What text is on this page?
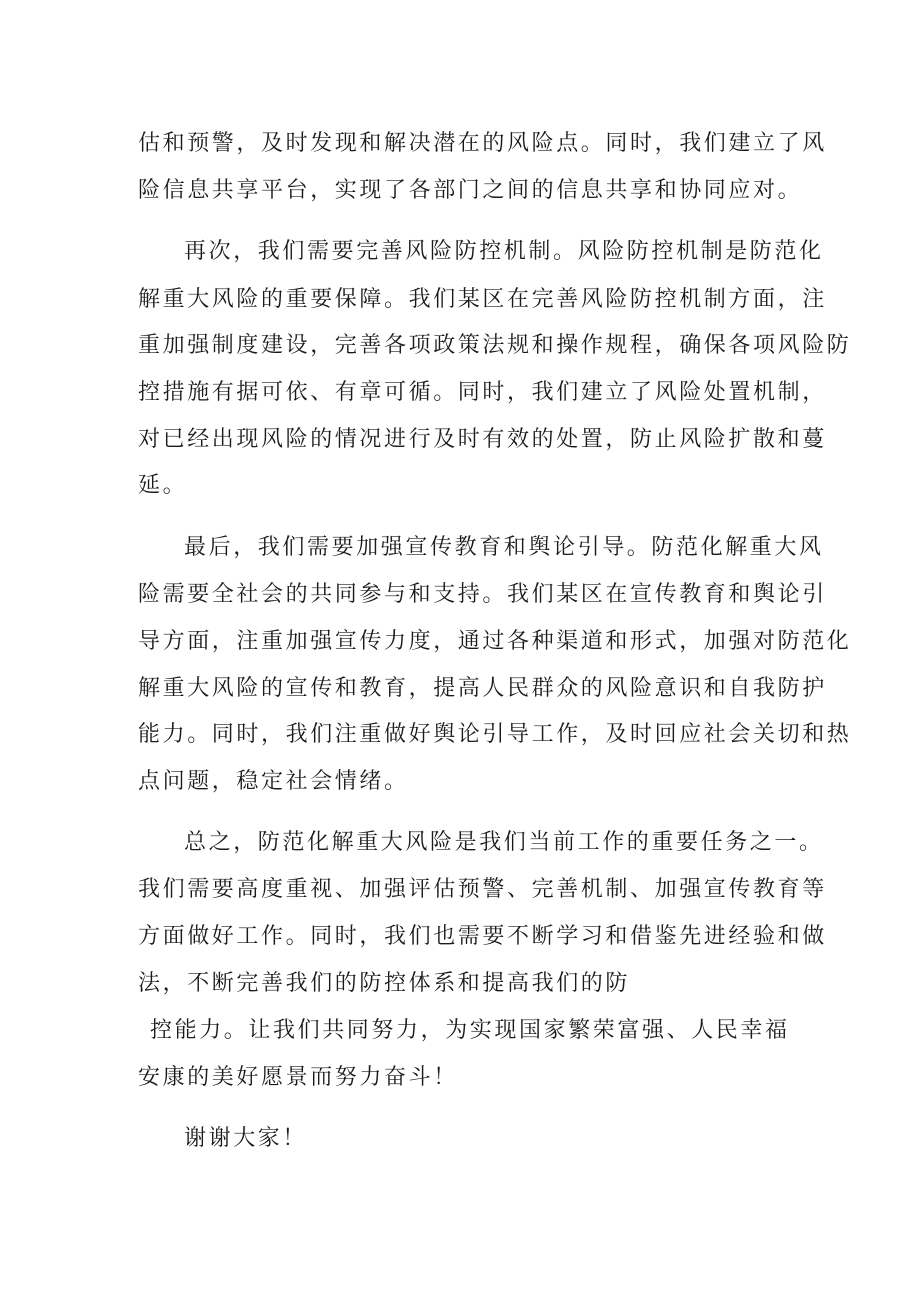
估和预警，及时发现和解决潜在的风险点。同时，我们建立了风
险信息共享平台，实现了各部门之间的信息共享和协同应对。
再次，我们需要完善风险防控机制。风险防控机制是防范化
解重大风险的重要保障。我们某区在完善风险防控机制方面，注
重加强制度建设，完善各项政策法规和操作规程，确保各项风险防
控措施有据可依、有章可循。同时，我们建立了风险处置机制，
对已经出现风险的情况进行及时有效的处置，防止风险扩散和蔓
延。
最后，我们需要加强宣传教育和舆论引导。防范化解重大风
险需要全社会的共同参与和支持。我们某区在宣传教育和舆论引
导方面，注重加强宣传力度，通过各种渠道和形式，加强对防范化
解重大风险的宣传和教育，提高人民群众的风险意识和自我防护
能力。同时，我们注重做好舆论引导工作，及时回应社会关切和热
点问题，稳定社会情绪。
总之，防范化解重大风险是我们当前工作的重要任务之一。
我们需要高度重视、加强评估预警、完善机制、加强宣传教育等
方面做好工作。同时，我们也需要不断学习和借鉴先进经验和做
法，不断完善我们的防控体系和提高我们的防
控能力。让我们共同努力，为实现国家繁荣富强、人民幸福
安康的美好愿景而努力奋斗！
谢谢大家！
